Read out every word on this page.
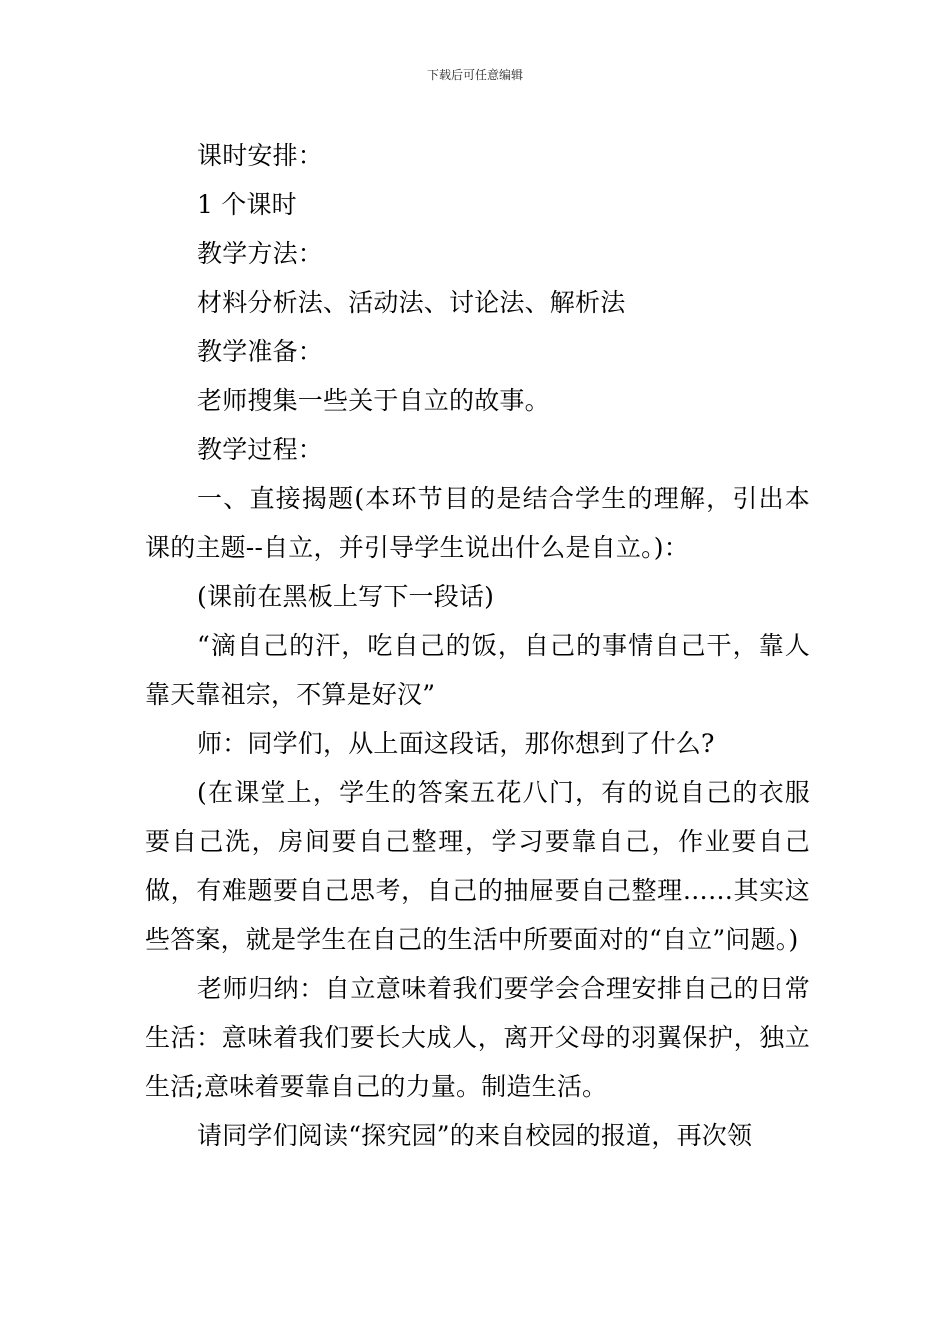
下载后可任意编辑

课时安排：

1 个课时

教学方法：

材料分析法、活动法、讨论法、解析法

教学准备：

老师搜集一些关于自立的故事。

教学过程：

一、直接揭题(本环节目的是结合学生的理解，引出本课的主题--自立，并引导学生说出什么是自立。)：

(课前在黑板上写下一段话)

“滴自己的汗，吃自己的饭，自己的事情自己干，靠人靠天靠祖宗，不算是好汉”

师：同学们，从上面这段话，那你想到了什么?

(在课堂上，学生的答案五花八门，有的说自己的衣服要自己洗，房间要自己整理，学习要靠自己，作业要自己做，有难题要自己思考，自己的抽屉要自己整理……其实这些答案，就是学生在自己的生活中所要面对的“自立”问题。)

老师归纳：自立意味着我们要学会合理安排自己的日常生活：意味着我们要长大成人，离开父母的羽翼保护，独立生活;意味着要靠自己的力量。制造生活。

请同学们阅读“探究园”的来自校园的报道，再次领
